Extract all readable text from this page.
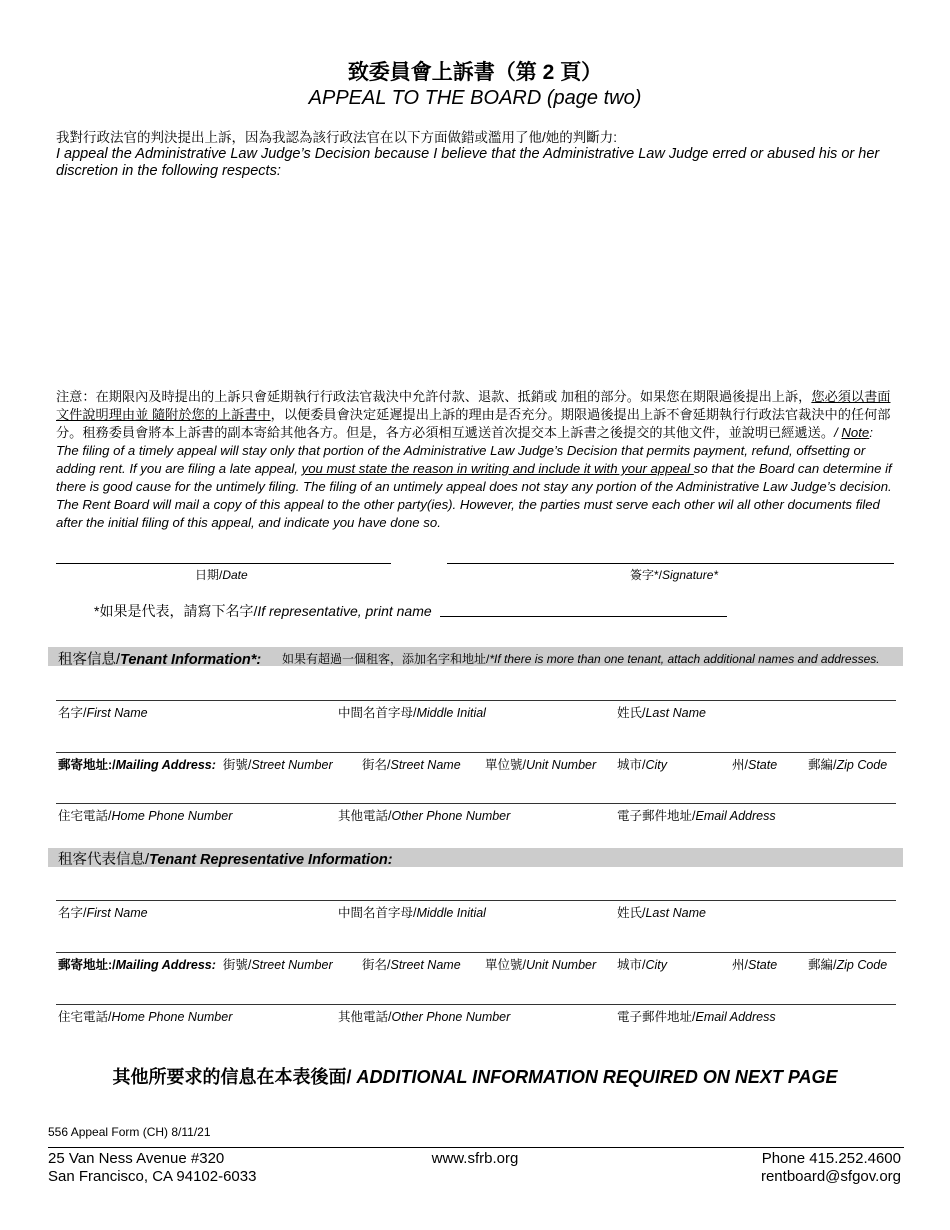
致委員會上訴書（第 2 頁）
APPEAL TO THE BOARD (page two)
我對行政法官的判決提出上訴，因為我認為該行政法官在以下方面做錯或濫用了他/她的判斷力:
I appeal the Administrative Law Judge’s Decision because I believe that the Administrative Law Judge erred or abused his or her discretion in the following respects:
注意：在期限內及時提出的上訴只會延期執行行政法官裁決中允許付款、退款、抵銷或 加租的部分。如果您在期限過後提出上訴，您必須以書面文件說明理由並 隨附於您的上訴書中，以便委員會決定延遲提出上訴的理由是否充分。期限過後提出上訴不會延期執行行政法官裁決中的任何部分。租務委員會將本上訴書的副本寄給其他各方。但是，各方必須相互遞送首次提交本上訴書之後提交的其他文件，並說明已經遞送。/ Note: The filing of a timely appeal will stay only that portion of the Administrative Law Judge’s Decision that permits payment, refund, offsetting or adding rent. If you are filing a late appeal, you must state the reason in writing and include it with your appeal so that the Board can determine if there is good cause for the untimely filing. The filing of an untimely appeal does not stay any portion of the Administrative Law Judge’s decision. The Rent Board will mail a copy of this appeal to the other party(ies). However, the parties must serve each other wil all other documents filed after the initial filing of this appeal, and indicate you have done so.
日期/Date	簽字*/Signature*
*如果是代表，請寫下名字/If representative, print name
租客信息/Tenant Information*: 如果有超過一個租客，添加名字和地址/*If there is more than one tenant, attach additional names and addresses.
名字/First Name	中間名首字母/Middle Initial	姓氏/Last Name
郵寄地址:/Mailing Address: 街號/Street Number 街名/Street Name 單位號/Unit Number 城市/City	州/State 郵編/Zip Code
住宅電話/Home Phone Number	其他電話/Other Phone Number	電子郵件地址/Email Address
租客代表信息/Tenant Representative Information:
名字/First Name	中間名首字母/Middle Initial	姓氏/Last Name
郵寄地址:/Mailing Address: 街號/Street Number 街名/Street Name 單位號/Unit Number 城市/City	州/State 郵編/Zip Code
住宅電話/Home Phone Number	其他電話/Other Phone Number	電子郵件地址/Email Address
其他所要求的信息在本表後面/ ADDITIONAL INFORMATION REQUIRED ON NEXT PAGE
556 Appeal Form (CH) 8/11/21
25 Van Ness Avenue #320
San Francisco, CA 94102-6033
www.sfrb.org	Phone 415.252.4600
rentboard@sfgov.org
